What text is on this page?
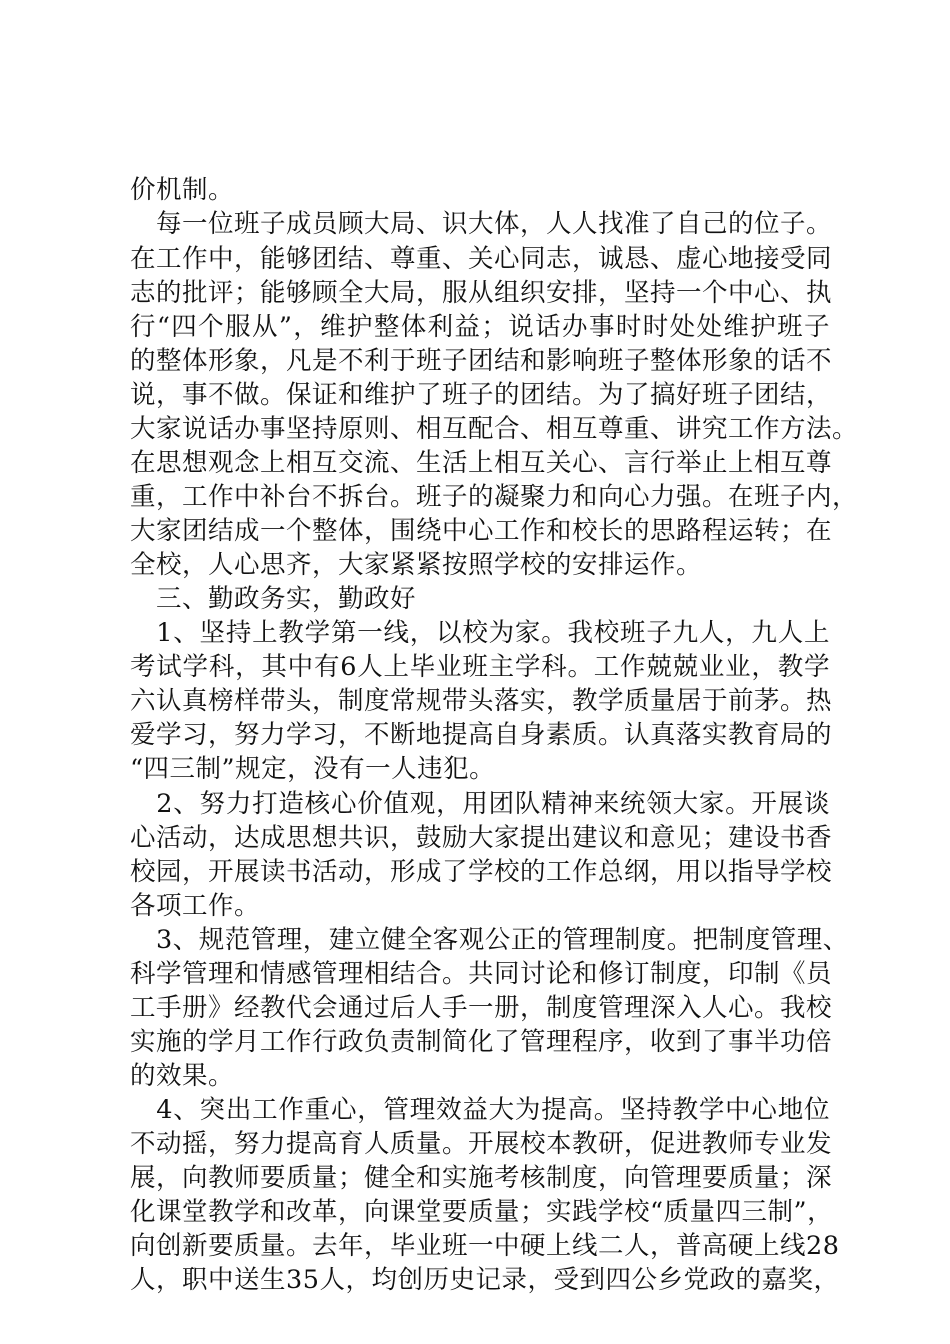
价机制。
　每一位班子成员顾大局、识大体，人人找准了自己的位子。
在工作中，能够团结、尊重、关心同志，诚恳、虚心地接受同
志的批评；能够顾全大局，服从组织安排，坚持一个中心、执
行“四个服从”，维护整体利益；说话办事时时处处维护班子
的整体形象，凡是不利于班子团结和影响班子整体形象的话不
说，事不做。保证和维护了班子的团结。为了搞好班子团结，
大家说话办事坚持原则、相互配合、相互尊重、讲究工作方法。
在思想观念上相互交流、生活上相互关心、言行举止上相互尊
重，工作中补台不拆台。班子的凝聚力和向心力强。在班子内，
大家团结成一个整体，围绕中心工作和校长的思路程运转；在
全校，人心思齐，大家紧紧按照学校的安排运作。
　三、勤政务实，勤政好
　1、坚持上教学第一线，以校为家。我校班子九人，九人上
考试学科，其中有6人上毕业班主学科。工作兢兢业业，教学
六认真榜样带头，制度常规带头落实，教学质量居于前茅。热
爱学习，努力学习，不断地提高自身素质。认真落实教育局的
“四三制”规定，没有一人违犯。
　2、努力打造核心价值观，用团队精神来统领大家。开展谈
心活动，达成思想共识，鼓励大家提出建议和意见；建设书香
校园，开展读书活动，形成了学校的工作总纲，用以指导学校
各项工作。
　3、规范管理，建立健全客观公正的管理制度。把制度管理、
科学管理和情感管理相结合。共同讨论和修订制度，印制《员
工手册》经教代会通过后人手一册，制度管理深入人心。我校
实施的学月工作行政负责制简化了管理程序，收到了事半功倍
的效果。
　4、突出工作重心，管理效益大为提高。坚持教学中心地位
不动摇，努力提高育人质量。开展校本教研，促进教师专业发
展，向教师要质量；健全和实施考核制度，向管理要质量；深
化课堂教学和改革，向课堂要质量；实践学校“质量四三制”，
向创新要质量。去年，毕业班一中硬上线二人，普高硬上线28
人，职中送生35人，均创历史记录，受到四公乡党政的嘉奖，
